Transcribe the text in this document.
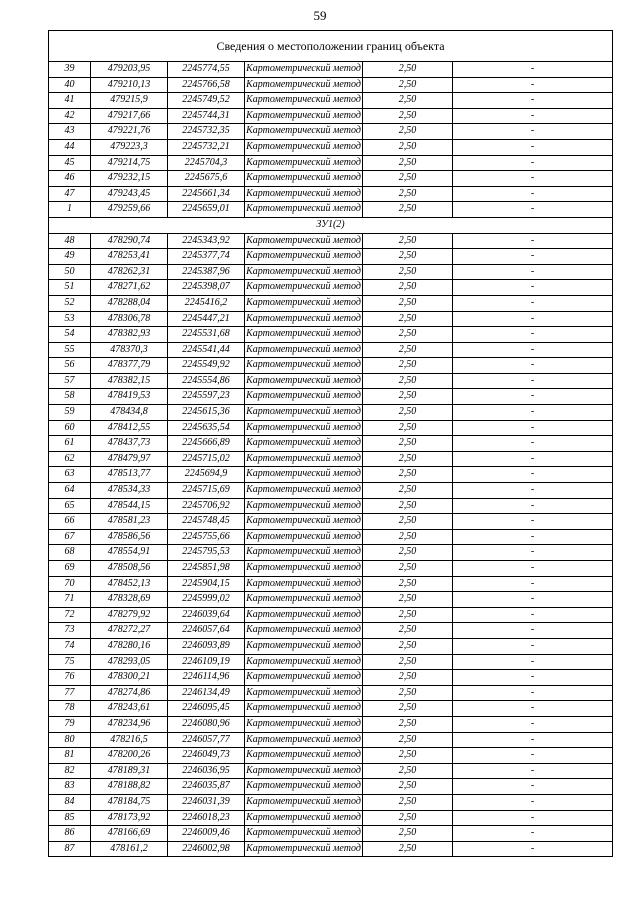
59
Сведения о местоположении границ объекта					
39	479203,95	2245774,55	Картометрический метод	2,50	-
40	479210,13	2245766,58	Картометрический метод	2,50	-
41	479215,9	2245749,52	Картометрический метод	2,50	-
42	479217,66	2245744,31	Картометрический метод	2,50	-
43	479221,76	2245732,35	Картометрический метод	2,50	-
44	479223,3	2245732,21	Картометрический метод	2,50	-
45	479214,75	2245704,3	Картометрический метод	2,50	-
46	479232,15	2245675,6	Картометрический метод	2,50	-
47	479243,45	2245661,34	Картометрический метод	2,50	-
1	479259,66	2245659,01	Картометрический метод	2,50	-
ЗУ1(2)					
48	478290,74	2245343,92	Картометрический метод	2,50	-
49	478253,41	2245377,74	Картометрический метод	2,50	-
50	478262,31	2245387,96	Картометрический метод	2,50	-
51	478271,62	2245398,07	Картометрический метод	2,50	-
52	478288,04	2245416,2	Картометрический метод	2,50	-
53	478306,78	2245447,21	Картометрический метод	2,50	-
54	478382,93	2245531,68	Картометрический метод	2,50	-
55	478370,3	2245541,44	Картометрический метод	2,50	-
56	478377,79	2245549,92	Картометрический метод	2,50	-
57	478382,15	2245554,86	Картометрический метод	2,50	-
58	478419,53	2245597,23	Картометрический метод	2,50	-
59	478434,8	2245615,36	Картометрический метод	2,50	-
60	478412,55	2245635,54	Картометрический метод	2,50	-
61	478437,73	2245666,89	Картометрический метод	2,50	-
62	478479,97	2245715,02	Картометрический метод	2,50	-
63	478513,77	2245694,9	Картометрический метод	2,50	-
64	478534,33	2245715,69	Картометрический метод	2,50	-
65	478544,15	2245706,92	Картометрический метод	2,50	-
66	478581,23	2245748,45	Картометрический метод	2,50	-
67	478586,56	2245755,66	Картометрический метод	2,50	-
68	478554,91	2245795,53	Картометрический метод	2,50	-
69	478508,56	2245851,98	Картометрический метод	2,50	-
70	478452,13	2245904,15	Картометрический метод	2,50	-
71	478328,69	2245999,02	Картометрический метод	2,50	-
72	478279,92	2246039,64	Картометрический метод	2,50	-
73	478272,27	2246057,64	Картометрический метод	2,50	-
74	478280,16	2246093,89	Картометрический метод	2,50	-
75	478293,05	2246109,19	Картометрический метод	2,50	-
76	478300,21	2246114,96	Картометрический метод	2,50	-
77	478274,86	2246134,49	Картометрический метод	2,50	-
78	478243,61	2246095,45	Картометрический метод	2,50	-
79	478234,96	2246080,96	Картометрический метод	2,50	-
80	478216,5	2246057,77	Картометрический метод	2,50	-
81	478200,26	2246049,73	Картометрический метод	2,50	-
82	478189,31	2246036,95	Картометрический метод	2,50	-
83	478188,82	2246035,87	Картометрический метод	2,50	-
84	478184,75	2246031,39	Картометрический метод	2,50	-
85	478173,92	2246018,23	Картометрический метод	2,50	-
86	478166,69	2246009,46	Картометрический метод	2,50	-
87	478161,2	2246002,98	Картометрический метод	2,50	-
